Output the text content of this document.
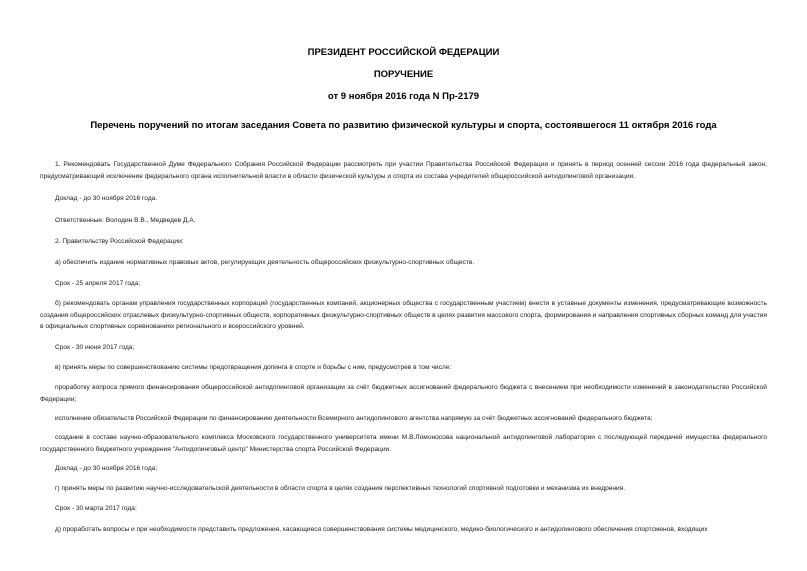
ПРЕЗИДЕНТ РОССИЙСКОЙ ФЕДЕРАЦИИ

ПОРУЧЕНИЕ

от 9 ноября 2016 года N Пр-2179

Перечень поручений по итогам заседания Совета по развитию физической культуры и спорта, состоявшегося 11 октября 2016 года

1. Рекомендовать Государственной Думе Федерального Собрания Российской Федерации рассмотреть при участии Правительства Российской Федерации и принять в период осенней сессии 2016 года федеральный закон, предусматривающий исключение федерального органа исполнительной власти в области физической культуры и спорта из состава учредителей общероссийской антидопинговой организации.

Доклад - до 30 ноября 2016 года.

Ответственные: Володин В.В., Медведев Д.А.

2. Правительству Российской Федерации:

а) обеспечить издание нормативных правовых актов, регулирующих деятельность общероссийских физкультурно-спортивных обществ.

Срок - 25 апреля 2017 года;

б) рекомендовать органам управления государственных корпораций (государственных компаний, акционерных общества с государственным участием) внести в уставные документы изменения, предусматривающие возможность создания общероссийских отраслевых физкультурно-спортивных обществ, корпоративных физкультурно-спортивных обществ в целях развития массового спорта, формирования и направления спортивных сборных команд для участия в официальных спортивных соревнованиях регионального и всероссийского уровней.

Срок - 30 июня 2017 года;

в) принять меры по совершенствованию системы предотвращения допинга в спорте и борьбы с ним, предусмотрев в том числе:

проработку вопроса прямого финансирования общероссийской антидопинговой организации за счёт бюджетных ассигнований федерального бюджета с внесением при необходимости изменений в законодательство Российской Федерации;

исполнение обязательств Российской Федерации по финансированию деятельности Всемирного антидопингового агентства напрямую за счёт бюджетных ассигнований федерального бюджета;

создание в составе научно-образовательного комплекса Московского государственного университета имени М.В.Ломоносова национальной антидопинговой лаборатории с последующей передачей имущества федерального государственного бюджетного учреждения "Антидопинговый центр" Министерства спорта Российской Федерации.

Доклад - до 30 ноября 2016 года;

г) принять меры по развитию научно-исследовательской деятельности в области спорта в целях создания перспективных технологий спортивной подготовки и механизма их внедрения.

Срок - 30 марта 2017 года;

д) проработать вопросы и при необходимости представить предложения, касающиеся совершенствования системы медицинского, медико-биологического и антидопингового обеспечения спортсменов, входящих
